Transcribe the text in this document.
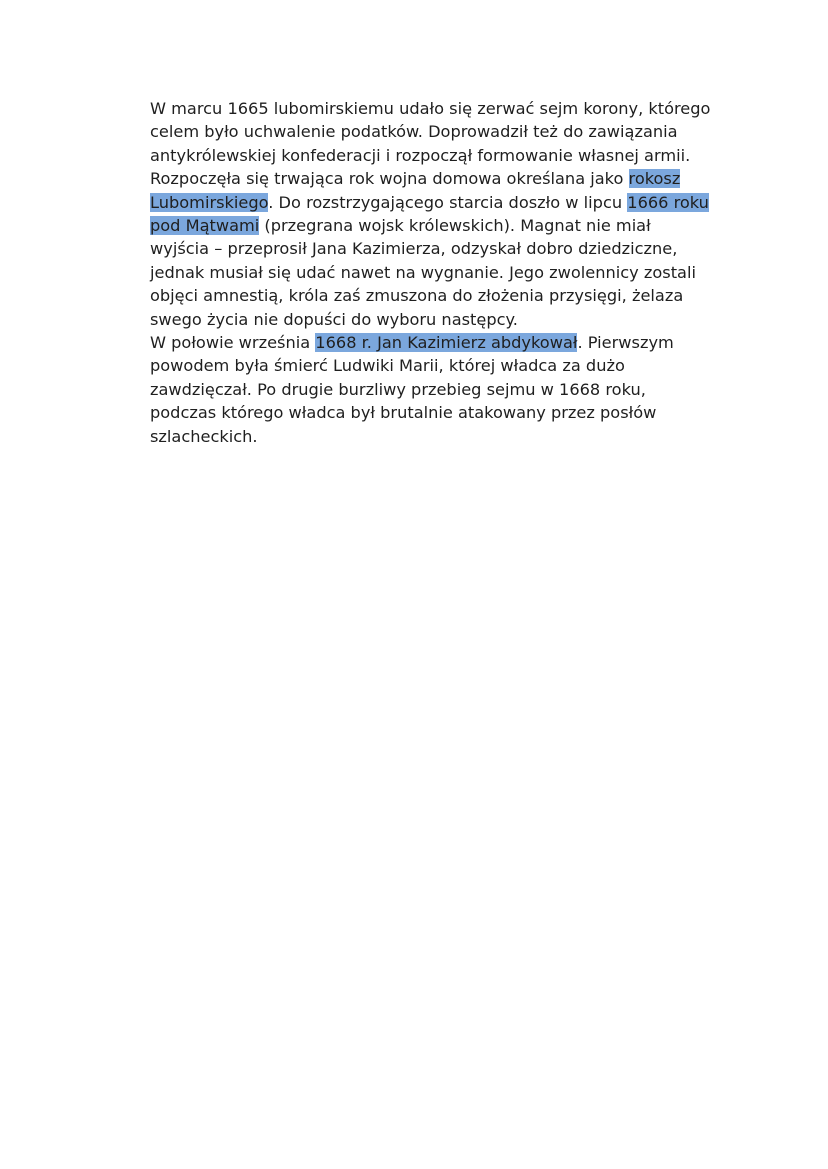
W marcu 1665 lubomirskiemu udało się zerwać sejm korony, którego
celem było uchwalenie podatków. Doprowadził też do zawiązania
antykrólewskiej konfederacji i rozpoczął formowanie własnej armii.
Rozpoczęła się trwająca rok wojna domowa określana jako rokosz
Lubomirskiego. Do rozstrzygającego starcia doszło w lipcu 1666 roku
pod Mątwami (przegrana wojsk królewskich). Magnat nie miał
wyjścia – przeprosił Jana Kazimierza, odzyskał dobro dziedziczne,
jednak musiał się udać nawet na wygnanie. Jego zwolennicy zostali
objęci amnestią, króla zaś zmuszona do złożenia przysięgi, żelaza
swego życia nie dopuści do wyboru następcy.
W połowie września 1668 r. Jan Kazimierz abdykował. Pierwszym
powodem była śmierć Ludwiki Marii, której władca za dużo
zawdzięczał. Po drugie burzliwy przebieg sejmu w 1668 roku,
podczas którego władca był brutalnie atakowany przez posłów
szlacheckich.
